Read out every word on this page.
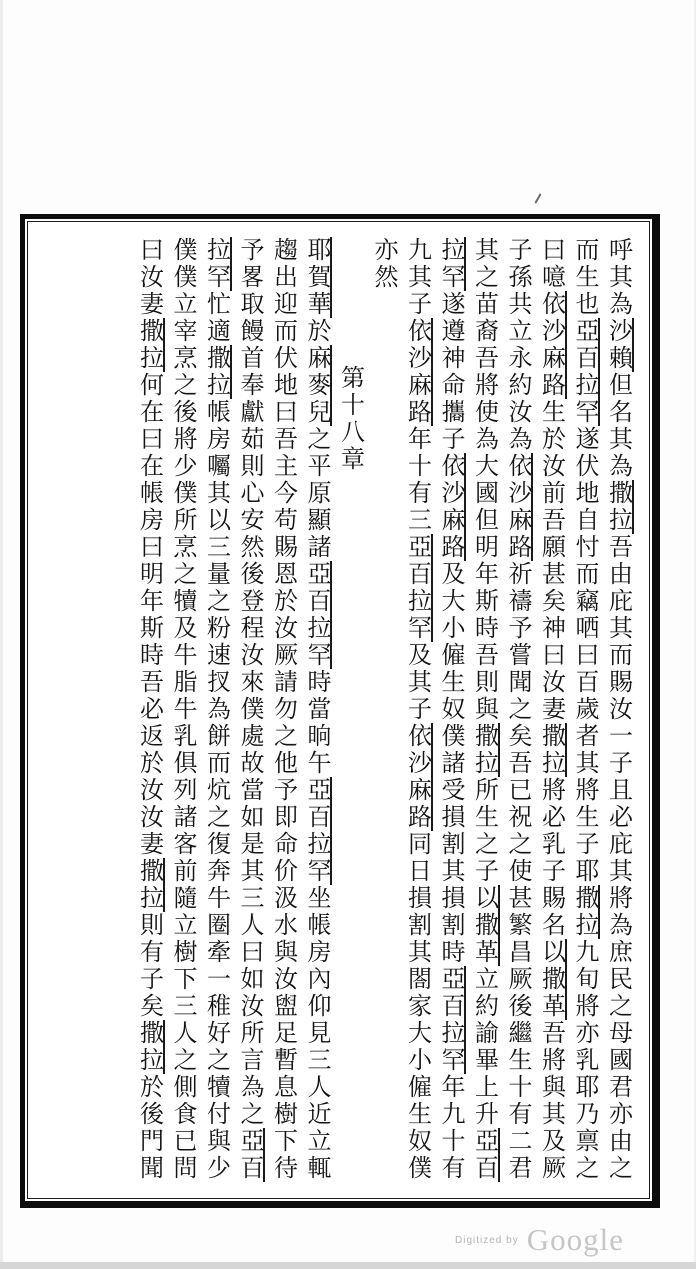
呼其為沙賴但名其為撒拉吾由庇其而賜汝一子且必庇其將為庶民之母國君亦由之
而生也亞百拉罕遂伏地自忖而竊哂曰百歲者其將生子耶撒拉九旬將亦乳耶乃禀之
曰噫依沙麻路生於汝前吾願甚矣神曰汝妻撒拉將必乳子賜名以撒革吾將與其及厥
子孫共立永約汝為依沙麻路祈禱予嘗聞之矣吾已祝之使甚繁昌厥後繼生十有二君
其之苗裔吾將使為大國但明年斯時吾則與撒拉所生之子以撒革立約諭畢上升亞百
拉罕遂遵神命攜子依沙麻路及大小僱生奴僕諸受損割其損割時亞百拉罕年九十有
九其子依沙麻路年十有三亞百拉罕及其子依沙麻路同日損割其閤家大小僱生奴僕
亦然
第十八章
耶賀華於麻麥兒之平原顯諸亞百拉罕時當晌午亞百拉罕坐帳房內仰見三人近立輒
趨出迎而伏地曰吾主今苟賜恩於汝厥請勿之他予即命价汲水與汝盥足暫息樹下待
予畧取饅首奉獻茹則心安然後登程汝來僕處故當如是其三人曰如汝所言為之亞百
拉罕忙適撒拉帳房囑其以三量之粉速扠為餅而炕之復奔牛圈牽一稚好之犢付與少
僕僕立宰烹之後將少僕所烹之犢及牛脂牛乳俱列諸客前隨立樹下三人之側食已問
曰汝妻撒拉何在曰在帳房曰明年斯時吾必返於汝汝妻撒拉則有子矣撒拉於後門聞
Digitized by Google
